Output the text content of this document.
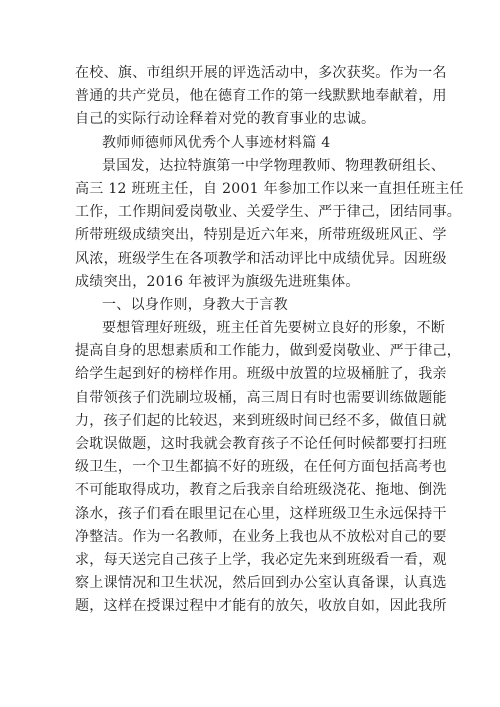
在校、旗、市组织开展的评选活动中，多次获奖。作为一名
普通的共产党员，他在德育工作的第一线默默地奉献着，用
自己的实际行动诠释着对党的教育事业的忠诚。
教师师德师风优秀个人事迹材料篇 4
景国发，达拉特旗第一中学物理教师、物理教研组长、
高三 12 班班主任，自 2001 年参加工作以来一直担任班主任
工作，工作期间爱岗敬业、关爱学生、严于律己，团结同事。
所带班级成绩突出，特别是近六年来，所带班级班风正、学
风浓，班级学生在各项教学和活动评比中成绩优异。因班级
成绩突出，2016 年被评为旗级先进班集体。
一、以身作则，身教大于言教
要想管理好班级，班主任首先要树立良好的形象，不断
提高自身的思想素质和工作能力，做到爱岗敬业、严于律己，
给学生起到好的榜样作用。班级中放置的垃圾桶脏了，我亲
自带领孩子们洗刷垃圾桶，高三周日有时也需要训练做题能
力，孩子们起的比较迟，来到班级时间已经不多，做值日就
会耽误做题，这时我就会教育孩子不论任何时候都要打扫班
级卫生，一个卫生都搞不好的班级，在任何方面包括高考也
不可能取得成功，教育之后我亲自给班级浇花、拖地、倒洗
涤水，孩子们看在眼里记在心里，这样班级卫生永远保持干
净整洁。作为一名教师，在业务上我也从不放松对自己的要
求，每天送完自己孩子上学，我必定先来到班级看一看，观
察上课情况和卫生状况，然后回到办公室认真备课，认真选
题，这样在授课过程中才能有的放矢，收放自如，因此我所
